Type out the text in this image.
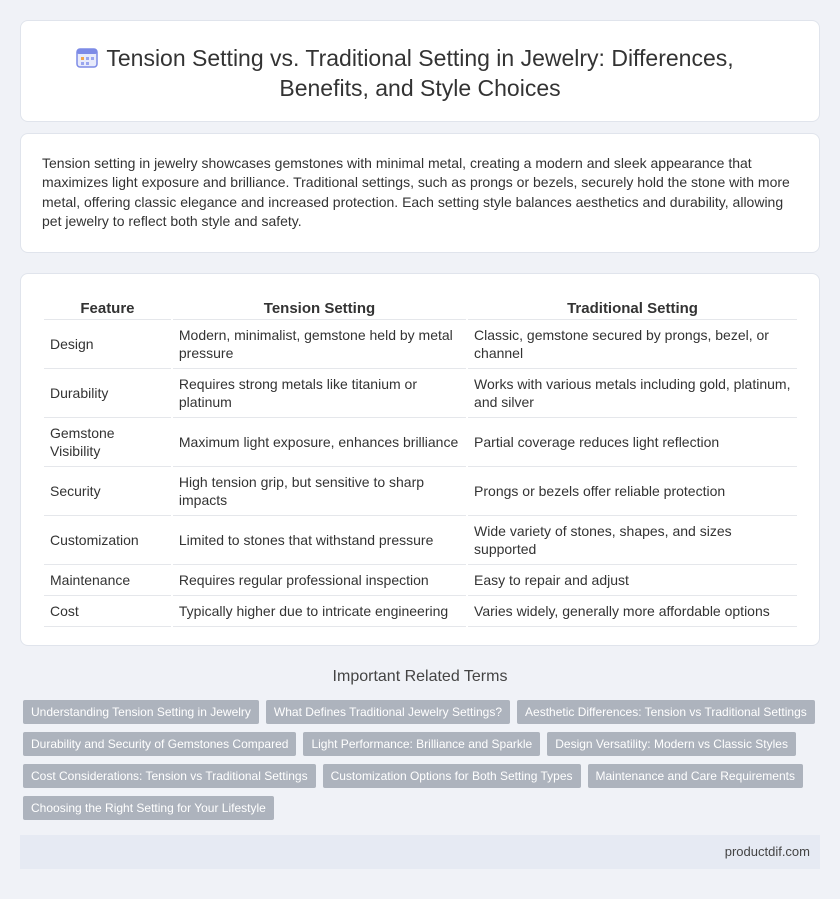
Tension Setting vs. Traditional Setting in Jewelry: Differences,
Benefits, and Style Choices

Tension setting in jewelry showcases gemstones with minimal metal, creating a modern and sleek appearance that maximizes light exposure and brilliance. Traditional settings, such as prongs or bezels, securely hold the stone with more metal, offering classic elegance and increased protection. Each setting style balances aesthetics and durability, allowing pet jewelry to reflect both style and safety.

Feature	Tension Setting	Traditional Setting
Design	Modern, minimalist, gemstone held by metal pressure	Classic, gemstone secured by prongs, bezel, or channel
Durability	Requires strong metals like titanium or platinum	Works with various metals including gold, platinum, and silver
Gemstone Visibility	Maximum light exposure, enhances brilliance	Partial coverage reduces light reflection
Security	High tension grip, but sensitive to sharp impacts	Prongs or bezels offer reliable protection
Customization	Limited to stones that withstand pressure	Wide variety of stones, shapes, and sizes supported
Maintenance	Requires regular professional inspection	Easy to repair and adjust
Cost	Typically higher due to intricate engineering	Varies widely, generally more affordable options
Important Related Terms
Understanding Tension Setting in Jewelry	What Defines Traditional Jewelry Settings?	Aesthetic Differences: Tension vs Traditional Settings
Durability and Security of Gemstones Compared	Light Performance: Brilliance and Sparkle	Design Versatility: Modern vs Classic Styles
Cost Considerations: Tension vs Traditional Settings	Customization Options for Both Setting Types	Maintenance and Care Requirements
Choosing the Right Setting for Your Lifestyle
productdif.com
